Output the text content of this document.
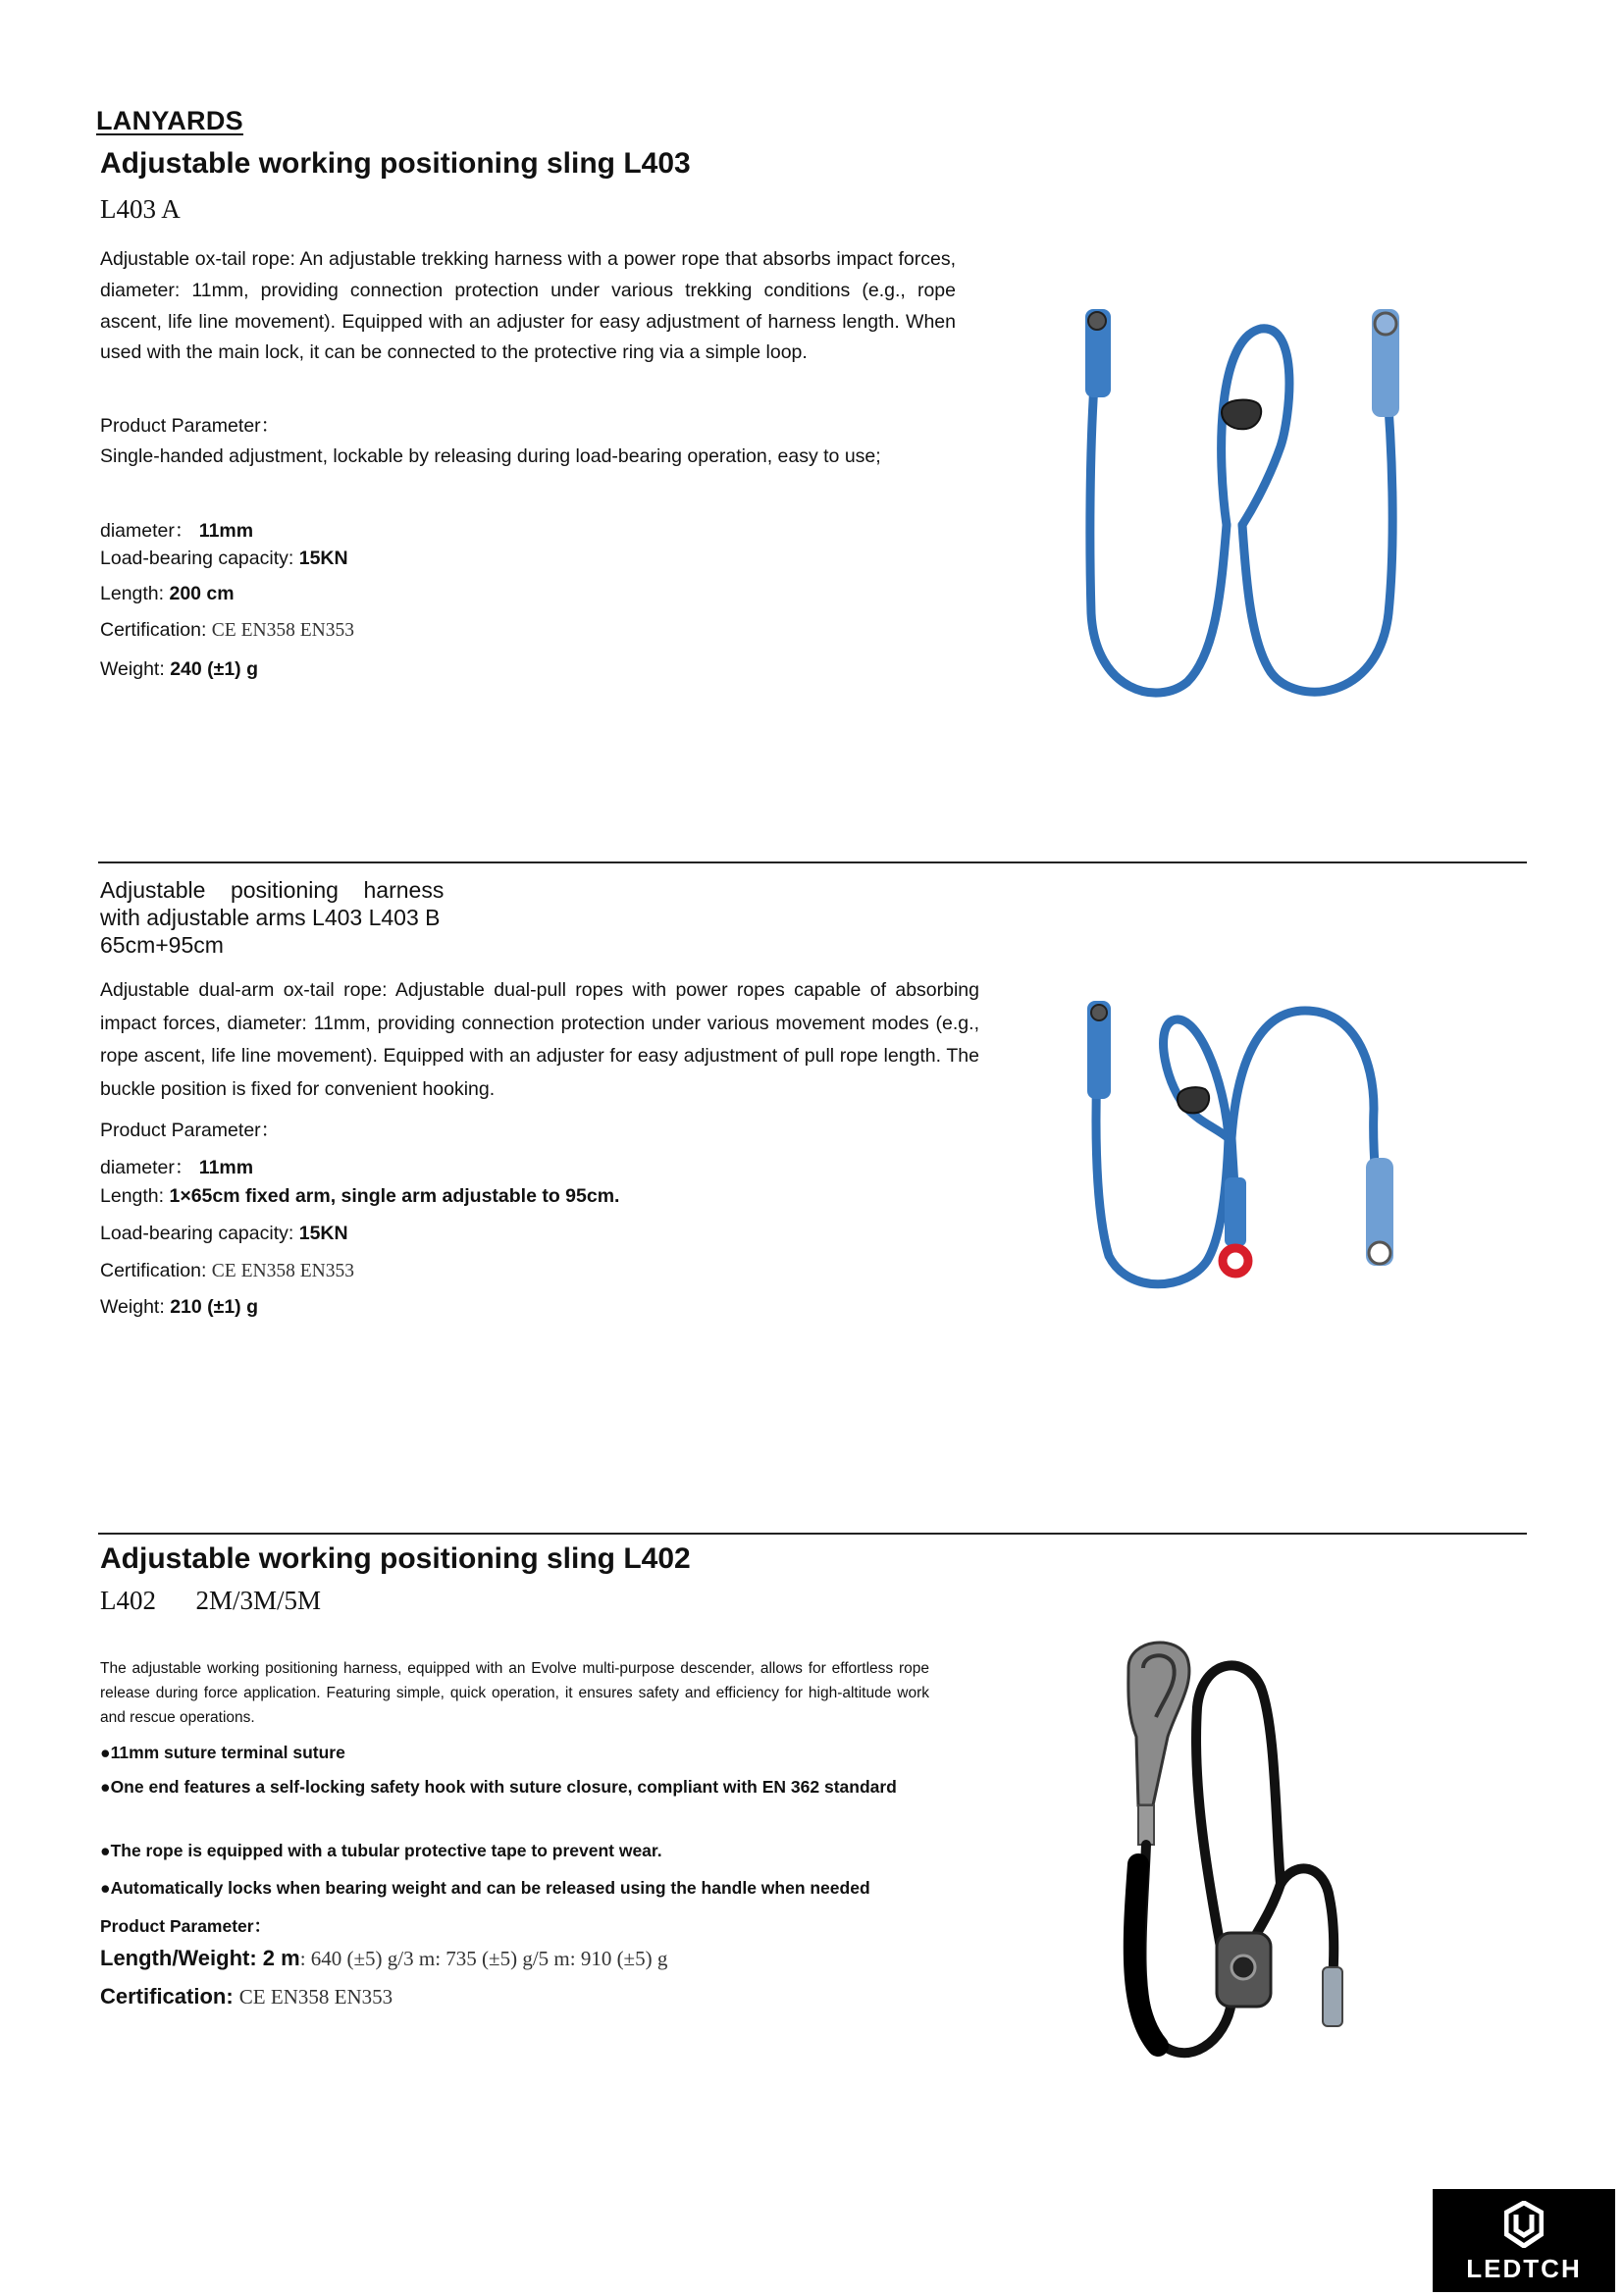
LANYARDS
Adjustable working positioning sling L403
L403 A
Adjustable ox-tail rope: An adjustable trekking harness with a power rope that absorbs impact forces, diameter: 11mm, providing connection protection under various trekking conditions (e.g., rope ascent, life line movement). Equipped with an adjuster for easy adjustment of harness length. When used with the main lock, it can be connected to the protective ring via a simple loop.
Product Parameter：
Single-handed adjustment, lockable by releasing during load-bearing operation, easy to use;
diameter： 11mm
Load-bearing capacity: 15KN
Length: 200 cm
Certification: CE EN358 EN353
Weight: 240 (±1) g
Adjustable    positioning    harness
with adjustable arms L403 L403 B
65cm+95cm
Adjustable dual-arm ox-tail rope: Adjustable dual-pull ropes with power ropes capable of absorbing impact forces, diameter: 11mm, providing connection protection under various movement modes (e.g., rope ascent, life line movement). Equipped with an adjuster for easy adjustment of pull rope length. The buckle position is fixed for convenient hooking.
Product Parameter：
diameter： 11mm
Length: 1×65cm fixed arm, single arm adjustable to 95cm.
Load-bearing capacity: 15KN
Certification: CE EN358 EN353
Weight: 210 (±1) g
Adjustable working positioning sling L402
L402      2M/3M/5M
The adjustable working positioning harness, equipped with an Evolve multi-purpose descender, allows for effortless rope release during force application. Featuring simple, quick operation, it ensures safety and efficiency for high-altitude work and rescue operations.
●11mm suture terminal suture
●One end features a self-locking safety hook with suture closure, compliant with EN 362 standard
●The rope is equipped with a tubular protective tape to prevent wear.
●Automatically locks when bearing weight and can be released using the handle when needed
Product Parameter：
Length/Weight: 2 m: 640 (±5) g/3 m: 735 (±5) g/5 m: 910 (±5) g
Certification: CE EN358 EN353
LEDTCH
